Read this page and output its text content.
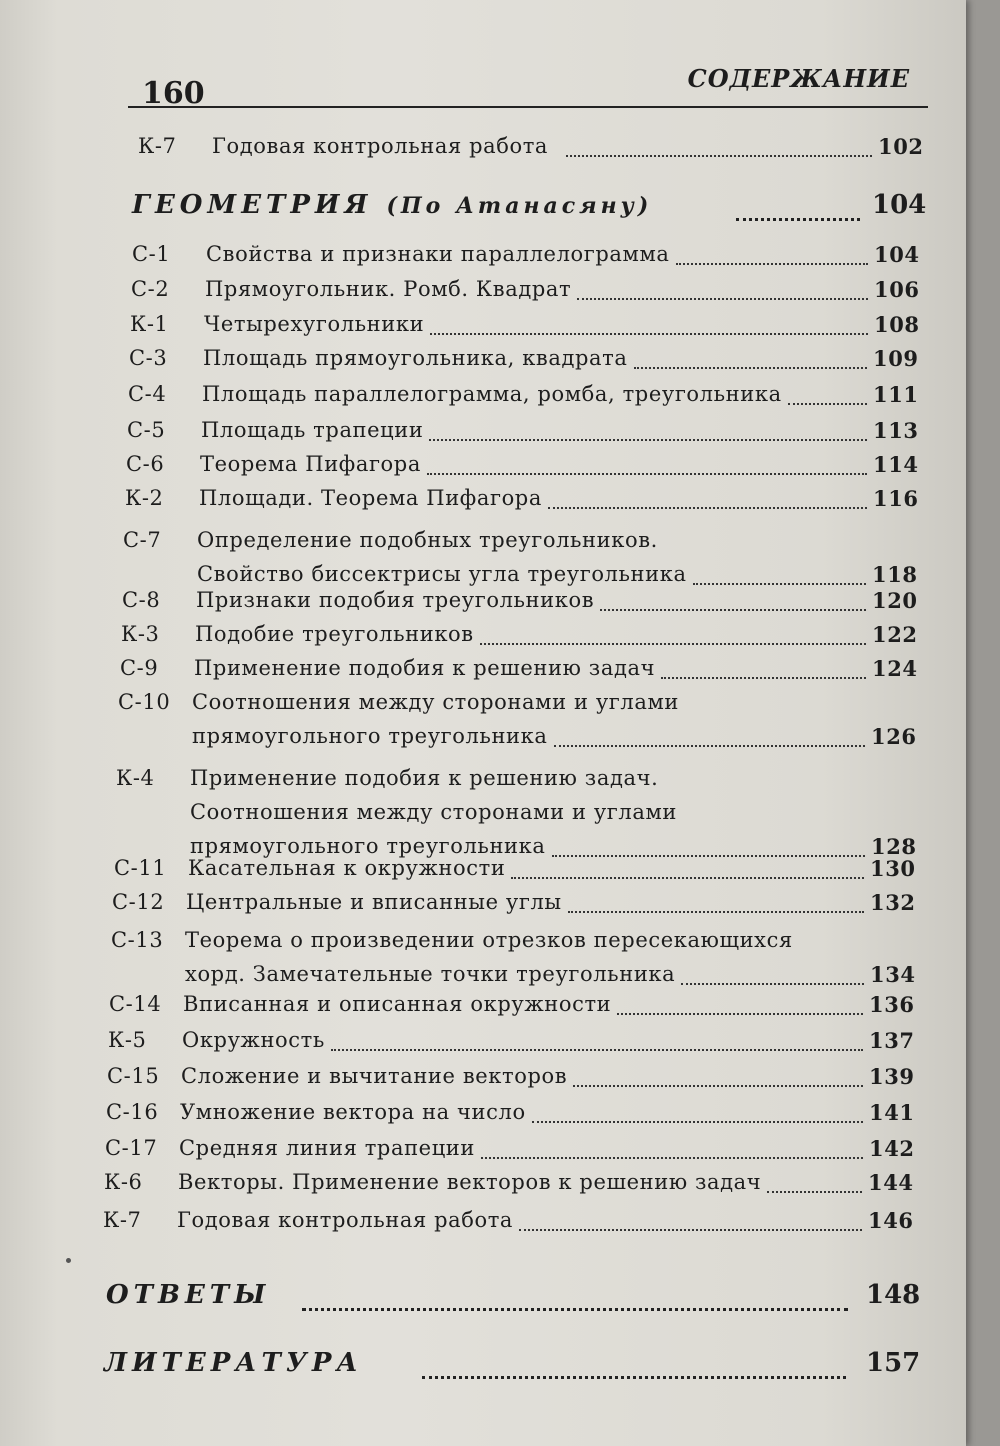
160	СОДЕРЖАНИЕ
К-7 Годовая контрольная работа	102
ГЕОМЕТРИЯ (По Атанасяну)	104
С-1 Свойства и признаки параллелограмма	104
С-2 Прямоугольник. Ромб. Квадрат	106
К-1 Четырехугольники	108
С-3 Площадь прямоугольника, квадрата	109
С-4 Площадь параллелограмма, ромба, треугольника	111
С-5 Площадь трапеции	113
С-6 Теорема Пифагора	114
К-2 Площади. Теорема Пифагора	116
С-7 Определение подобных треугольников.
Свойство биссектрисы угла треугольника	118
С-8 Признаки подобия треугольников	120
К-3 Подобие треугольников	122
С-9 Применение подобия к решению задач	124
С-10 Соотношения между сторонами и углами
прямоугольного треугольника	126
К-4 Применение подобия к решению задач.
Соотношения между сторонами и углами
прямоугольного треугольника	128
С-11 Касательная к окружности	130
С-12 Центральные и вписанные углы	132
С-13 Теорема о произведении отрезков пересекающихся
хорд. Замечательные точки треугольника	134
С-14 Вписанная и описанная окружности	136
К-5 Окружность	137
С-15 Сложение и вычитание векторов	139
С-16 Умножение вектора на число	141
С-17 Средняя линия трапеции	142
К-6 Векторы. Применение векторов к решению задач	144
К-7 Годовая контрольная работа	146
ОТВЕТЫ	148
ЛИТЕРАТУРА	157
